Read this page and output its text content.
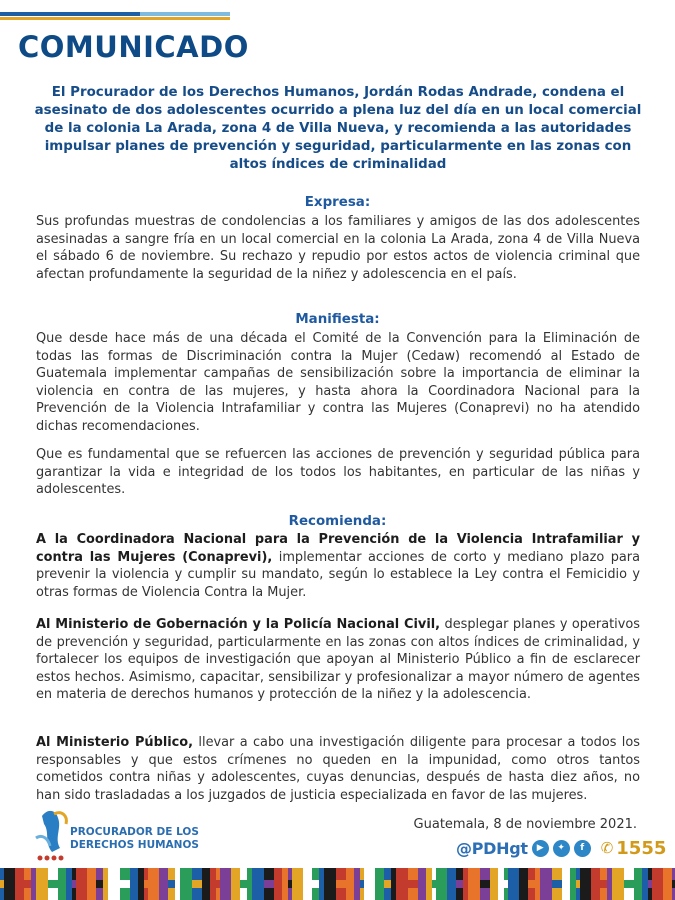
COMUNICADO
El Procurador de los Derechos Humanos, Jordán Rodas Andrade, condena el asesinato de dos adolescentes ocurrido a plena luz del día en un local comercial de la colonia La Arada, zona 4 de Villa Nueva, y recomienda a las autoridades impulsar planes de prevención y seguridad, particularmente en las zonas con altos índices de criminalidad
Expresa:
Sus profundas muestras de condolencias a los familiares y amigos de las dos adolescentes asesinadas a sangre fría en un local comercial en la colonia La Arada, zona 4 de Villa Nueva el sábado 6 de noviembre. Su rechazo y repudio por estos actos de violencia criminal que afectan profundamente la seguridad de la niñez y adolescencia en el país.
Manifiesta:
Que desde hace más de una década el Comité de la Convención para la Eliminación de todas las formas de Discriminación contra la Mujer (Cedaw) recomendó al Estado de Guatemala implementar campañas de sensibilización sobre la importancia de eliminar la violencia en contra de las mujeres, y hasta ahora la Coordinadora Nacional para la Prevención de la Violencia Intrafamiliar y contra las Mujeres (Conaprevi) no ha atendido dichas recomendaciones.
Que es fundamental que se refuercen las acciones de prevención y seguridad pública para garantizar la vida e integridad de los todos los habitantes, en particular de las niñas y adolescentes.
Recomienda:
A la Coordinadora Nacional para la Prevención de la Violencia Intrafamiliar y contra las Mujeres (Conaprevi), implementar acciones de corto y mediano plazo para prevenir la violencia y cumplir su mandato, según lo establece la Ley contra el Femicidio y otras formas de Violencia Contra la Mujer.
Al Ministerio de Gobernación y la Policía Nacional Civil, desplegar planes y operativos de prevención y seguridad, particularmente en las zonas con altos índices de criminalidad, y fortalecer los equipos de investigación que apoyan al Ministerio Público a fin de esclarecer estos hechos. Asimismo, capacitar, sensibilizar y profesionalizar a mayor número de agentes en materia de derechos humanos y protección de la niñez y la adolescencia.
Al Ministerio Público, llevar a cabo una investigación diligente para procesar a todos los responsables y que estos crímenes no queden en la impunidad, como otros tantos cometidos contra niñas y adolescentes, cuyas denuncias, después de hasta diez años, no han sido trasladadas a los juzgados de justicia especializada en favor de las mujeres.
PROCURADOR DE LOS
DERECHOS HUMANOS
Guatemala, 8 de noviembre 2021.
@PDHgt	▶	✦	f	✆ 1555
